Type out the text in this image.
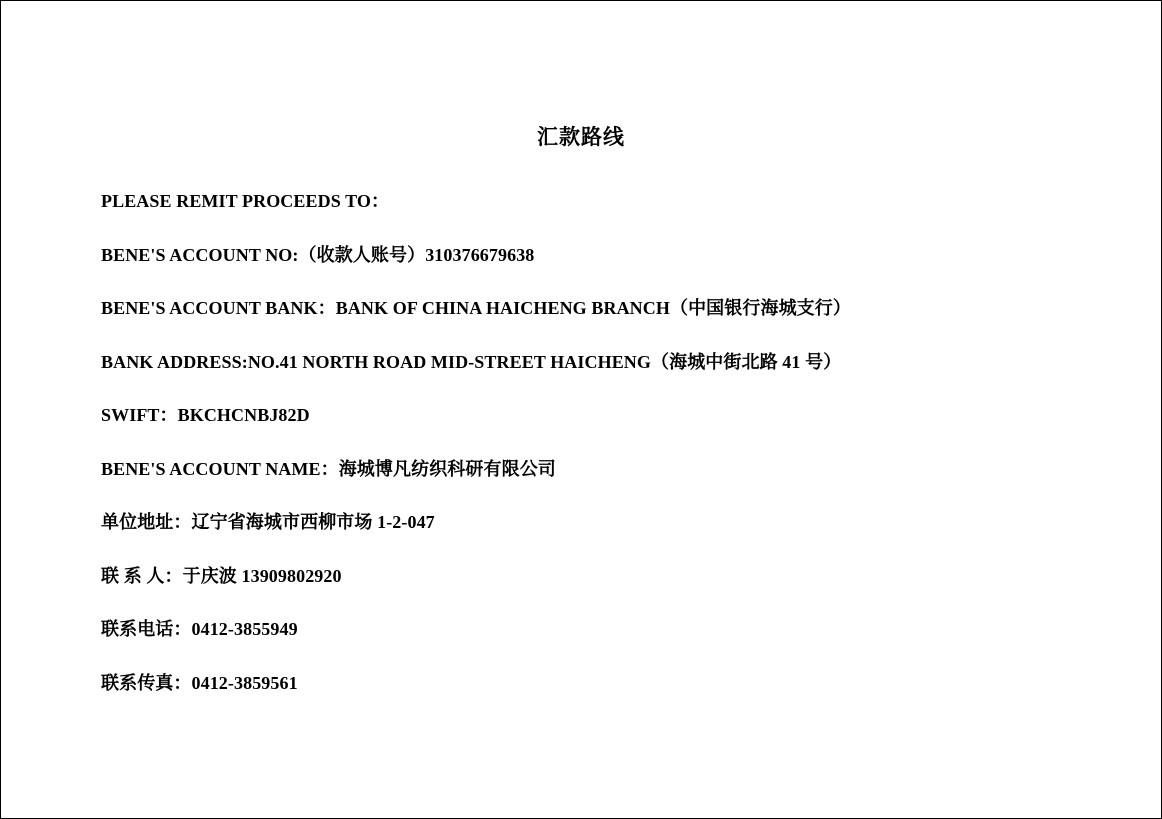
汇款路线
PLEASE REMIT PROCEEDS TO：
BENE'S ACCOUNT NO:（收款人账号）310376679638
BENE'S ACCOUNT BANK：BANK OF CHINA HAICHENG BRANCH（中国银行海城支行）
BANK ADDRESS:NO.41 NORTH ROAD MID-STREET HAICHENG（海城中街北路 41 号）
SWIFT：BKCHCNBJ82D
BENE'S ACCOUNT NAME：海城博凡纺织科研有限公司
单位地址：辽宁省海城市西柳市场 1-2-047
联 系 人：于庆波 13909802920
联系电话：0412-3855949
联系传真：0412-3859561
